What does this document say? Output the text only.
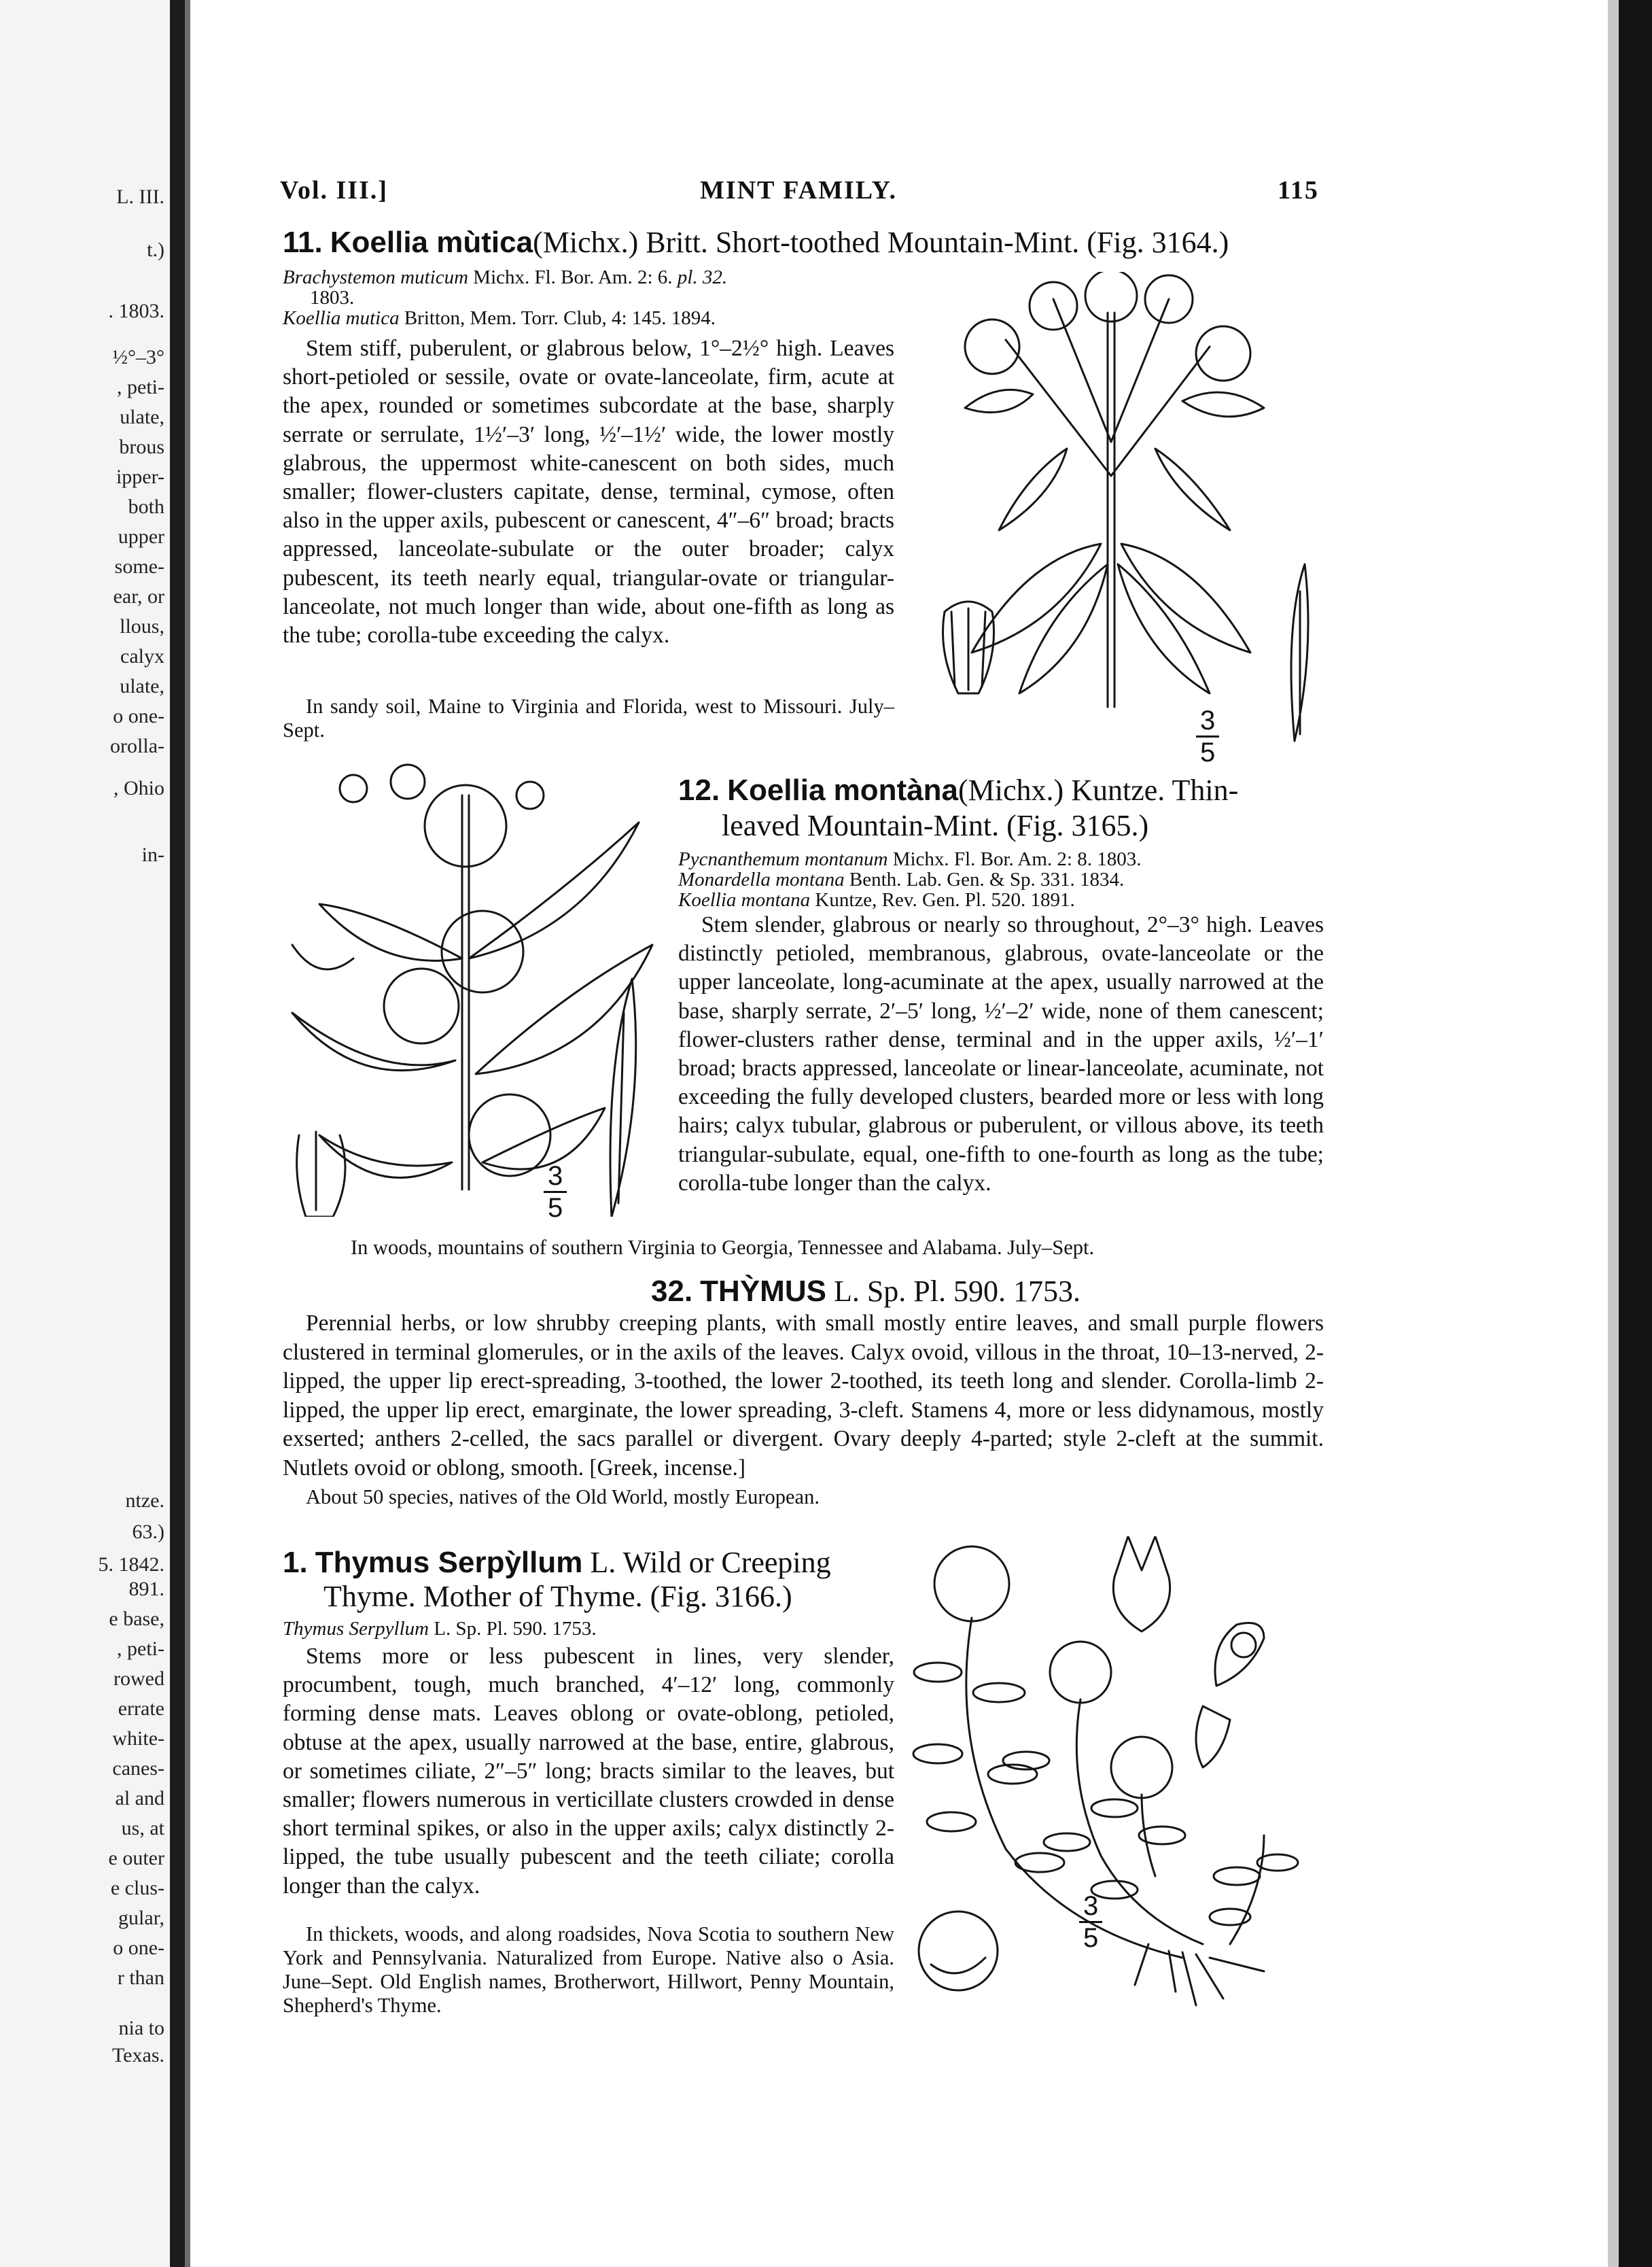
L. III.
t.)
. 1803.
½°–3°
, peti-
ulate,
brous
ipper-
both
upper
some-
ear, or
llous,
calyx
ulate,
o one-
orolla-
, Ohio
in-
ntze.
63.)
5. 1842.
891.
e base,
, peti-
rowed
errate
white-
canes-
al and
us, at
e outer
e clus-
gular,
o one-
r than
nia to
Texas.
Vol. III.]	MINT FAMILY.	115
11. Koellia mùtica(Michx.) Britt. Short-toothed Mountain-Mint. (Fig. 3164.)
Brachystemon muticum Michx. Fl. Bor. Am. 2: 6. pl. 32.
1803.
Koellia mutica Britton, Mem. Torr. Club, 4: 145. 1894.

Stem stiff, puberulent, or glabrous below, 1°–2½° high. Leaves short-petioled or sessile, ovate or ovate-lanceolate, firm, acute at the apex, rounded or sometimes subcordate at the base, sharply serrate or serrulate, 1½′–3′ long, ½′–1½′ wide, the lower mostly glabrous, the uppermost white-canescent on both sides, much smaller; flower-clusters capitate, dense, terminal, cymose, often also in the upper axils, pubescent or canescent, 4″–6″ broad; bracts appressed, lanceolate-subulate or the outer broader; calyx pubescent, its teeth nearly equal, triangular-ovate or triangular-lanceolate, not much longer than wide, about one-fifth as long as the tube; corolla-tube exceeding the calyx.

In sandy soil, Maine to Virginia and Florida, west to Missouri. July–Sept.	$\frac{3}{5}$
$\frac{3}{5}$
12. Koellia montàna(Michx.) Kuntze. Thin-
leaved Mountain-Mint. (Fig. 3165.)
Pycnanthemum montanum Michx. Fl. Bor. Am. 2: 8. 1803.
Monardella montana Benth. Lab. Gen. & Sp. 331. 1834.
Koellia montana Kuntze, Rev. Gen. Pl. 520. 1891.

Stem slender, glabrous or nearly so throughout, 2°–3° high. Leaves distinctly petioled, membranous, glabrous, ovate-lanceolate or the upper lanceolate, long-acuminate at the apex, usually narrowed at the base, sharply serrate, 2′–5′ long, ½′–2′ wide, none of them canescent; flower-clusters rather dense, terminal and in the upper axils, ½′–1′ broad; bracts appressed, lanceolate or linear-lanceolate, acuminate, not exceeding the fully developed clusters, bearded more or less with long hairs; calyx tubular, glabrous or puberulent, or villous above, its teeth triangular-subulate, equal, one-fifth to one-fourth as long as the tube; corolla-tube longer than the calyx.

In woods, mountains of southern Virginia to Georgia, Tennessee and Alabama. July–Sept.

32. THỲMUS L. Sp. Pl. 590. 1753.

Perennial herbs, or low shrubby creeping plants, with small mostly entire leaves, and small purple flowers clustered in terminal glomerules, or in the axils of the leaves. Calyx ovoid, villous in the throat, 10–13-nerved, 2-lipped, the upper lip erect-spreading, 3-toothed, the lower 2-toothed, its teeth long and slender. Corolla-limb 2-lipped, the upper lip erect, emarginate, the lower spreading, 3-cleft. Stamens 4, more or less didynamous, mostly exserted; anthers 2-celled, the sacs parallel or divergent. Ovary deeply 4-parted; style 2-cleft at the summit. Nutlets ovoid or oblong, smooth. [Greek, incense.]

About 50 species, natives of the Old World, mostly European.

1. Thymus Serpỳllum L. Wild or Creeping
Thyme. Mother of Thyme. (Fig. 3166.)
Thymus Serpyllum L. Sp. Pl. 590. 1753.

Stems more or less pubescent in lines, very slender, procumbent, tough, much branched, 4′–12′ long, commonly forming dense mats. Leaves oblong or ovate-oblong, petioled, obtuse at the apex, usually narrowed at the base, entire, glabrous, or sometimes ciliate, 2″–5″ long; bracts similar to the leaves, but smaller; flowers numerous in verticillate clusters crowded in dense short terminal spikes, or also in the upper axils; calyx distinctly 2-lipped, the tube usually pubescent and the teeth ciliate; corolla longer than the calyx.

In thickets, woods, and along roadsides, Nova Scotia to southern New York and Pennsylvania. Naturalized from Europe. Native also o Asia. June–Sept. Old English names, Brotherwort, Hillwort, Penny Mountain, Shepherd's Thyme.

$\frac{3}{5}$
